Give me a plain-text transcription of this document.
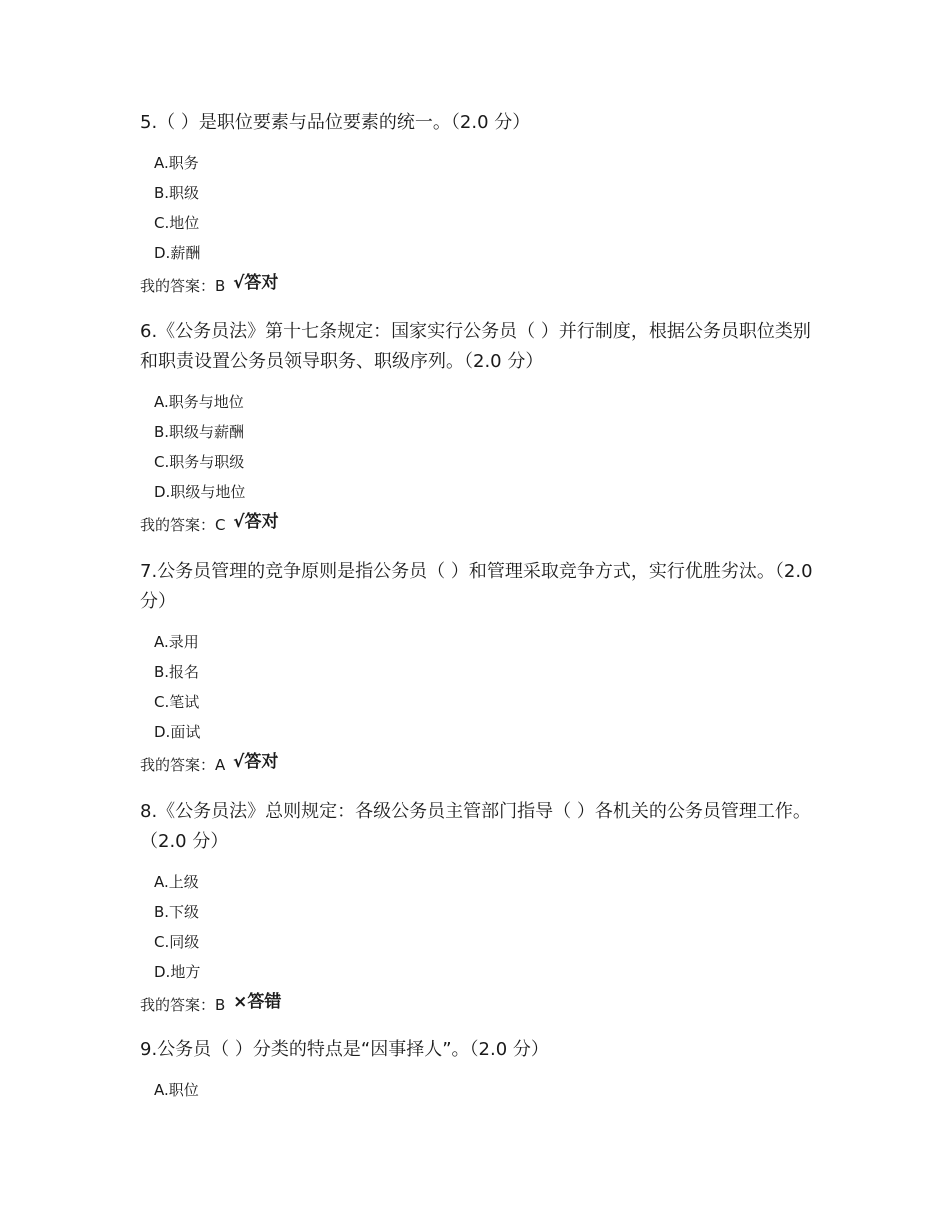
5.（ ）是职位要素与品位要素的统一。（2.0 分）

A.职务
B.职级
C.地位
D.薪酬
我的答案：B √答对

6.《公务员法》第十七条规定：国家实行公务员（ ）并行制度，根据公务员职位类别和职责设置公务员领导职务、职级序列。（2.0 分）

A.职务与地位
B.职级与薪酬
C.职务与职级
D.职级与地位
我的答案：C √答对

7.公务员管理的竞争原则是指公务员（ ）和管理采取竞争方式，实行优胜劣汰。（2.0 分）

A.录用
B.报名
C.笔试
D.面试
我的答案：A √答对

8.《公务员法》总则规定：各级公务员主管部门指导（ ）各机关的公务员管理工作。（2.0 分）

A.上级
B.下级
C.同级
D.地方
我的答案：B ×答错

9.公务员（ ）分类的特点是“因事择人”。（2.0 分）

A.职位
